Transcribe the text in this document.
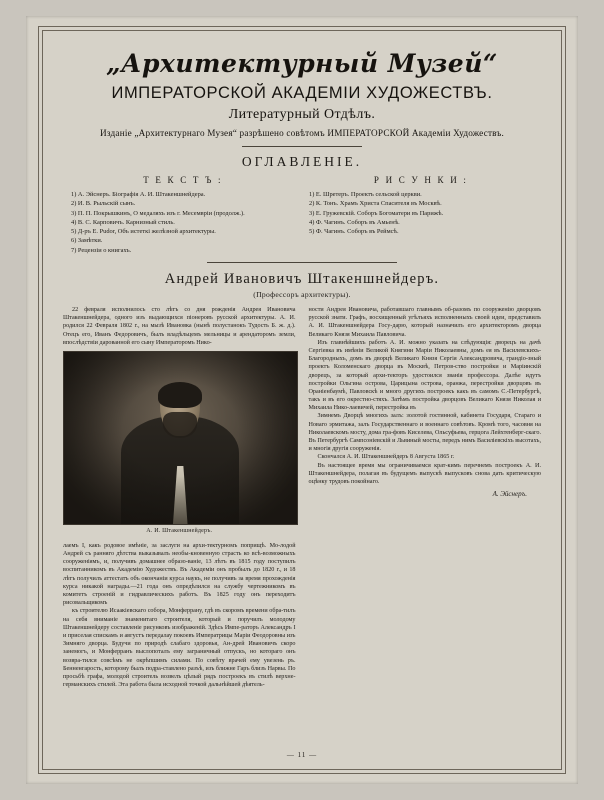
„Архитектурный Музей“
ИМПЕРАТОРСКОЙ АКАДЕМІИ ХУДОЖЕСТВЪ.
Литературный Отдѣлъ.
Изданіе „Архитектурнаго Музея“ разрѣшено совѣтомъ ИМПЕРАТОРСКОЙ Академіи Художествъ.
ОГЛАВЛЕНІЕ.
Т Е К С Т Ъ :
1) А. Эйснеръ. Біографія А. И. Штакеншнейдера.
2) И. В. Рыльскій сынъ.
3) П. П. Покрышкинъ, О медаляхъ изъ г. Месемвріи (продолж.).
4) В. С. Карповичъ. Карнизный стиль.
5) Д-ръ Е. Pudor, Объ истеткі желѣзной архитектуры.
6) Замѣтки.
7) Рецензіи о книгахъ.
Р И С У Н К И :
1) Е. Шретеръ. Проектъ сельской церкви.
2) К. Тонъ. Храмъ Христа Спасителя въ Москвѣ.
3) Е. Гружевскій. Соборъ Богоматери въ Парижѣ.
4) Ф. Чагинъ. Соборъ въ Амьенѣ.
5) Ф. Чагинъ. Соборъ въ Реймсѣ.
Андрей Ивановичъ Штакеншнейдеръ.
(Профессоръ архитектуры).

22 февраля исполнилось сто лѣтъ со дня рожденія Андрея Ивановича Штакеншнейдера, одного изъ выдающихся піонеровъ русской архитектуры. А. И. родился 22 Февраля 1802 г., на мызѣ Ивановка (нынѣ полустанокъ Тудость Б. ж. д.). Отецъ его, Иванъ Федоровичъ, былъ владѣльцемъ мельницы и арендаторомъ земли, впослѣдствіи дарованной его сыну Императоромъ Нико-

А. И. Штакеншнейдеръ.

лаемъ I, какъ родовое имѣніе, за заслуги на архи-тектурномъ поприщѣ. Мо-лодой Андрей съ ранняго дѣтства выказывалъ необы-кновенную страсть ко всѣ-возможныхъ сооруженіямъ, и, получивъ домашнее образо-ваніе, 13 лѣтъ въ 1815 году поступилъ воспитанникомъ въ Академію Художествъ. Въ Академіи онъ пробылъ до 1820 г., и 18 лѣтъ получилъ аттестатъ объ окончаніи курса наукъ, не получивъ за время прохожденія курса никакой награды.—21 года онъ опредѣлился на службу чертежникомъ въ комитетъ строеній и гидравлическихъ работъ. Въ 1825 году онъ переходитъ рисовальщикомъ

къ строителю Исаакіевскаго собора, Монферрану, гдѣ въ скоромъ времени обра-тилъ на себя вниманіе знаменитаго строителя, который и поручилъ молодому Штакеншнейдеру составленіе рисунковъ изображеній. Здѣсь Импе-раторъ Александръ I и приселая спискамъ и августъ передалау покоевъ Императрицы Маріи Феодоровны изъ Зимняго дворца. Будучи по природѣ слабаго здоровья, Ан-дрей Ивановичъ скоро занемогъ, и Монферранъ выслопоталъ ему заграничный отпускъ, но котораго онъ возвра-тился совсѣмъ не окрѣпшимъ силами. По совѣту врачей ему увезень ръ. Бенненгарость, которому былъ подра-ставлено разъѣ, изъ ближне Гаръ близъ Нарвы. По просьбѣ графа, молодой строитель возвелъ цѣлый рядъ построекъ въ стилѣ верхне-германскихъ стилей. Эта работа была исходной точкой дальнѣйшей дѣятель-

ности Андрея Ивановича, работавшаго главнымъ об-разомъ по сооруженію дворцовъ русской знати. Графъ, восхищенный угѣлъяхъ исполненныхъ своей идеи, представилъ А. И. Штакеншнейдера Госу-дарю, который назначилъ его архитекторомъ дворца Великаго Князя Михаила Павловича.

Изъ главнѣйшихъ работъ А. И. можно указать на слѣдующія: дворецъ на дачѣ Сергіевка въ имѣніи Великой Княгини Маріи Николаевны, домъ ея въ Василевскихъ-Благородныхъ, домъ въ дворцѣ Великаго Князя Сергія Александровича, грандіо-зный проектъ Коломенскаго дворца въ Москвѣ, Петров-ство постройки и Маріинскій дворецъ, за который архи-текторъ удостоился званія профессора. Далѣе идутъ постройки Ольгина острова, Царицына острова, оранжа, перестройки дворцовъ въ Ораніенбаумѣ, Павловскѣ и много другихъ построекъ какъ въ самомъ С.-Петербургѣ, такъ и въ его окрестно-стяхъ. Затѣмъ постройка дворцовъ Великаго Князя Николая и Михаила Нико-лаевичей, перестройка въ

Зимнемъ Дворцѣ многихъ залъ: золотой гостинной, кабинета Государя, Стараго и Новаго эрмитажа, залъ Государственнаго и военнаго совѣтовъ. Кромѣ того, часовня на Николаевскомъ мосту, дома гра-фовъ Киселева, Ольсуфьева, герцога Лейхтенберг-скаго. Въ Петербургѣ Сампсоніевскій и Львиный мосты, передъ нимъ Василіевскіхъ высотахъ, и многія другія сооруженія.

Скончался А. И. Штакеншнейдеръ 8 Августа 1865 г.

Въ настоящее время мы ограничиваемся крат-кимъ перечнемъ построекъ А. И. Штакеншнейдера, полагая въ будущемъ выпускѣ выпусковъ снова дать критическую оцѣнку трудовъ покойнаго.

А. Эйснеръ.
— 11 —
